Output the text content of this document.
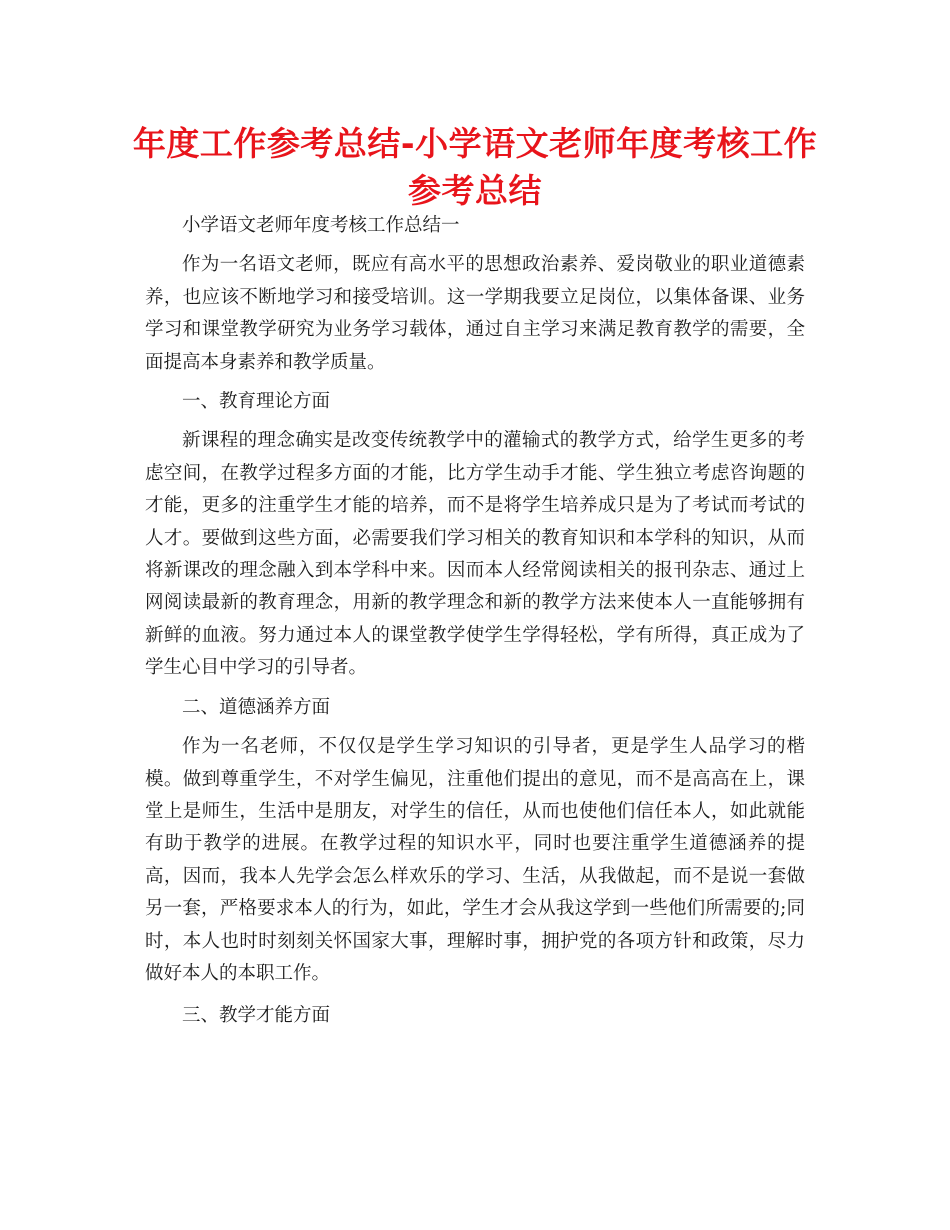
年度工作参考总结-小学语文老师年度考核工作参考总结

小学语文老师年度考核工作总结一

作为一名语文老师，既应有高水平的思想政治素养、爱岗敬业的职业道德素养，也应该不断地学习和接受培训。这一学期我要立足岗位，以集体备课、业务学习和课堂教学研究为业务学习载体，通过自主学习来满足教育教学的需要，全面提高本身素养和教学质量。

一、教育理论方面

新课程的理念确实是改变传统教学中的灌输式的教学方式，给学生更多的考虑空间，在教学过程多方面的才能，比方学生动手才能、学生独立考虑咨询题的才能，更多的注重学生才能的培养，而不是将学生培养成只是为了考试而考试的人才。要做到这些方面，必需要我们学习相关的教育知识和本学科的知识，从而将新课改的理念融入到本学科中来。因而本人经常阅读相关的报刊杂志、通过上网阅读最新的教育理念，用新的教学理念和新的教学方法来使本人一直能够拥有新鲜的血液。努力通过本人的课堂教学使学生学得轻松，学有所得，真正成为了学生心目中学习的引导者。

二、道德涵养方面

作为一名老师，不仅仅是学生学习知识的引导者，更是学生人品学习的楷模。做到尊重学生，不对学生偏见，注重他们提出的意见，而不是高高在上，课堂上是师生，生活中是朋友，对学生的信任，从而也使他们信任本人，如此就能有助于教学的进展。在教学过程的知识水平，同时也要注重学生道德涵养的提高，因而，我本人先学会怎么样欢乐的学习、生活，从我做起，而不是说一套做另一套，严格要求本人的行为，如此，学生才会从我这学到一些他们所需要的;同时，本人也时时刻刻关怀国家大事，理解时事，拥护党的各项方针和政策，尽力做好本人的本职工作。

三、教学才能方面
